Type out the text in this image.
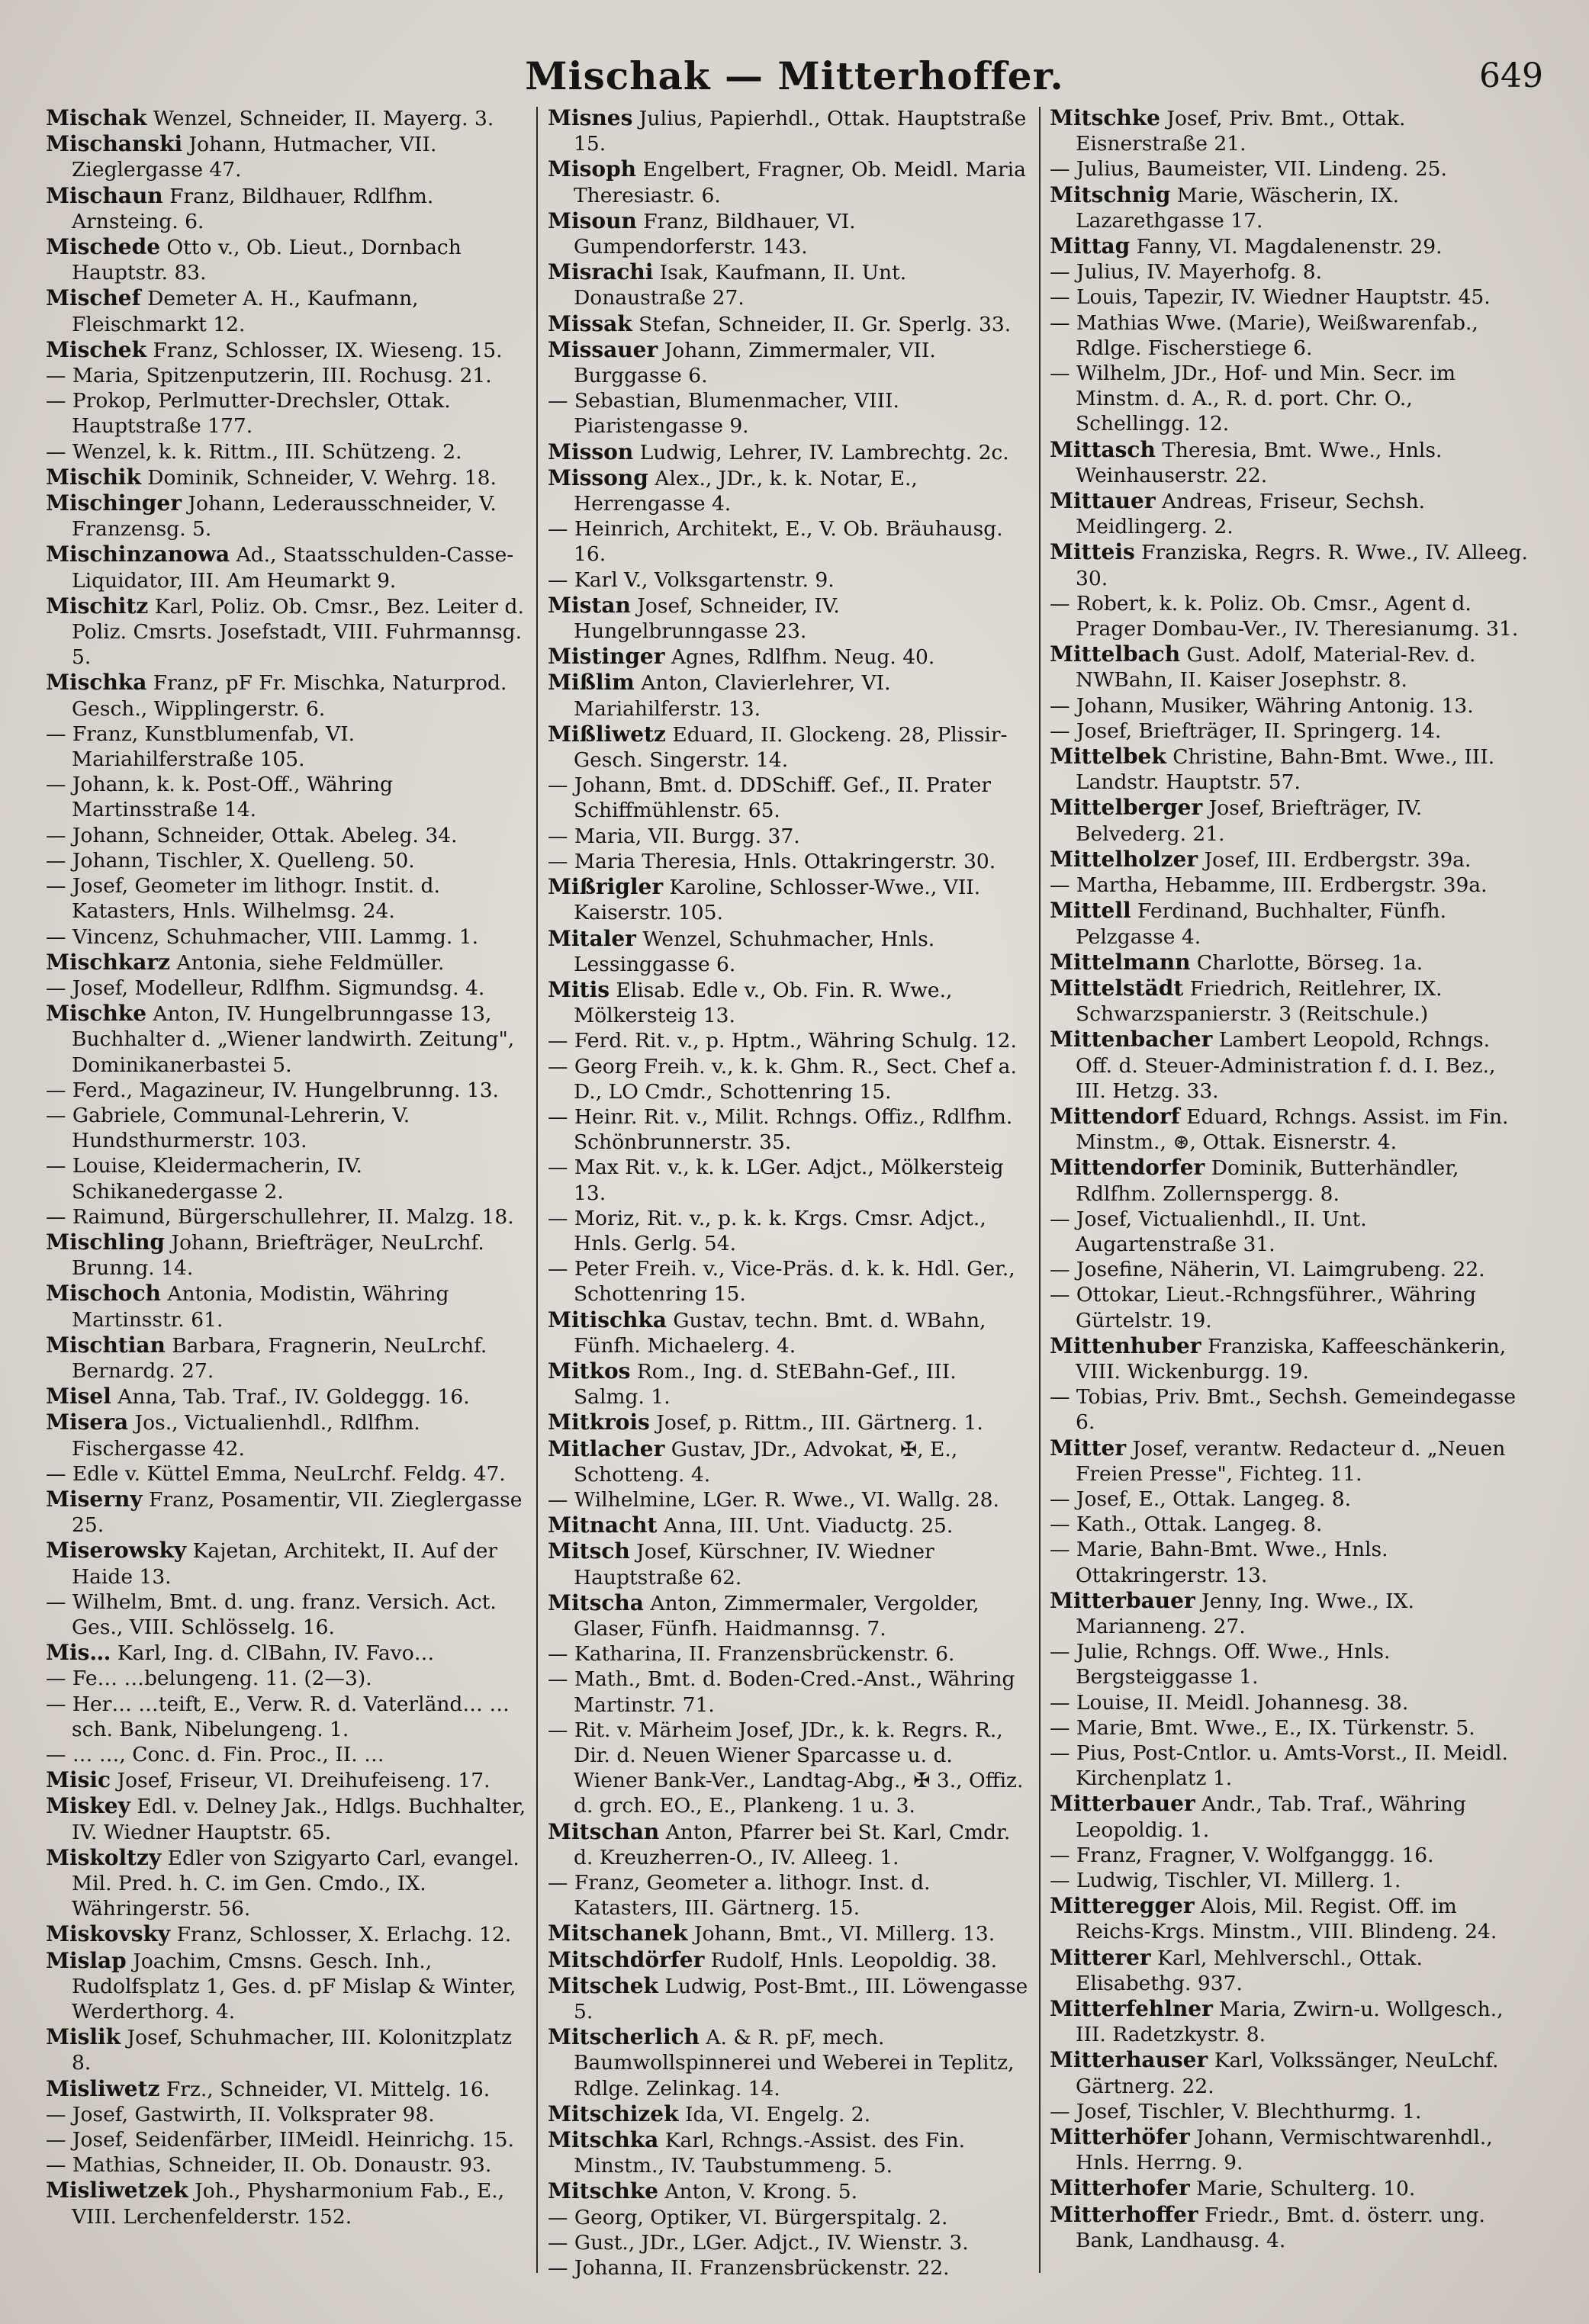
Mischak — Mitterhoffer.	649

Mischak Wenzel, Schneider, II. Mayerg. 3.

Mischanski Johann, Hutmacher, VII. Zieglergasse 47.

Mischaun Franz, Bildhauer, Rdlfhm. Arnsteing. 6.

Mischede Otto v., Ob. Lieut., Dornbach Hauptstr. 83.

Mischef Demeter A. H., Kaufmann, Fleischmarkt 12.

Mischek Franz, Schlosser, IX. Wieseng. 15.

— Maria, Spitzenputzerin, III. Rochusg. 21.

— Prokop, Perlmutter-Drechsler, Ottak. Hauptstraße 177.

— Wenzel, k. k. Rittm., III. Schützeng. 2.

Mischik Dominik, Schneider, V. Wehrg. 18.

Mischinger Johann, Lederausschneider, V. Franzensg. 5.

Mischinzanowa Ad., Staatsschulden-Casse-Liquidator, III. Am Heumarkt 9.

Mischitz Karl, Poliz. Ob. Cmsr., Bez. Leiter d. Poliz. Cmsrts. Josefstadt, VIII. Fuhrmannsg. 5.

Mischka Franz, pF Fr. Mischka, Naturprod. Gesch., Wipplingerstr. 6.

— Franz, Kunstblumenfab, VI. Mariahilferstraße 105.

— Johann, k. k. Post-Off., Währing Martinsstraße 14.

— Johann, Schneider, Ottak. Abeleg. 34.

— Johann, Tischler, X. Quelleng. 50.

— Josef, Geometer im lithogr. Instit. d. Katasters, Hnls. Wilhelmsg. 24.

— Vincenz, Schuhmacher, VIII. Lammg. 1.

Mischkarz Antonia, siehe Feldmüller.

— Josef, Modelleur, Rdlfhm. Sigmundsg. 4.

Mischke Anton, IV. Hungelbrunngasse 13, Buchhalter d. „Wiener landwirth. Zeitung", Dominikanerbastei 5.

— Ferd., Magazineur, IV. Hungelbrunng. 13.

— Gabriele, Communal-Lehrerin, V. Hundsthurmerstr. 103.

— Louise, Kleidermacherin, IV. Schikanedergasse 2.

— Raimund, Bürgerschullehrer, II. Malzg. 18.

Mischling Johann, Briefträger, NeuLrchf. Brunng. 14.

Mischoch Antonia, Modistin, Währing Martinsstr. 61.

Mischtian Barbara, Fragnerin, NeuLrchf. Bernardg. 27.

Misel Anna, Tab. Traf., IV. Goldeggg. 16.

Misera Jos., Victualienhdl., Rdlfhm. Fischergasse 42.

— Edle v. Küttel Emma, NeuLrchf. Feldg. 47.

Miserny Franz, Posamentir, VII. Zieglergasse 25.

Miserowsky Kajetan, Architekt, II. Auf der Haide 13.

— Wilhelm, Bmt. d. ung. franz. Versich. Act. Ges., VIII. Schlösselg. 16.

Mis… Karl, Ing. d. ClBahn, IV. Favo…

— Fe… …belungeng. 11. (2—3).

— Her… …teift, E., Verw. R. d. Vaterländ… …sch. Bank, Nibelungeng. 1.

— … …, Conc. d. Fin. Proc., II. …

Misic Josef, Friseur, VI. Dreihufeiseng. 17.

Miskey Edl. v. Delney Jak., Hdlgs. Buchhalter, IV. Wiedner Hauptstr. 65.

Miskoltzy Edler von Szigyarto Carl, evangel. Mil. Pred. h. C. im Gen. Cmdo., IX. Währingerstr. 56.

Miskovsky Franz, Schlosser, X. Erlachg. 12.

Mislap Joachim, Cmsns. Gesch. Inh., Rudolfsplatz 1, Ges. d. pF Mislap & Winter, Werderthorg. 4.

Mislik Josef, Schuhmacher, III. Kolonitzplatz 8.

Misliwetz Frz., Schneider, VI. Mittelg. 16.

— Josef, Gastwirth, II. Volksprater 98.

— Josef, Seidenfärber, IIMeidl. Heinrichg. 15.

— Mathias, Schneider, II. Ob. Donaustr. 93.

Misliwetzek Joh., Physharmonium Fab., E., VIII. Lerchenfelderstr. 152.

Misnes Julius, Papierhdl., Ottak. Hauptstraße 15.

Misoph Engelbert, Fragner, Ob. Meidl. Maria Theresiastr. 6.

Misoun Franz, Bildhauer, VI. Gumpendorferstr. 143.

Misrachi Isak, Kaufmann, II. Unt. Donaustraße 27.

Missak Stefan, Schneider, II. Gr. Sperlg. 33.

Missauer Johann, Zimmermaler, VII. Burggasse 6.

— Sebastian, Blumenmacher, VIII. Piaristengasse 9.

Misson Ludwig, Lehrer, IV. Lambrechtg. 2c.

Missong Alex., JDr., k. k. Notar, E., Herrengasse 4.

— Heinrich, Architekt, E., V. Ob. Bräuhausg. 16.

— Karl V., Volksgartenstr. 9.

Mistan Josef, Schneider, IV. Hungelbrunngasse 23.

Mistinger Agnes, Rdlfhm. Neug. 40.

Mißlim Anton, Clavierlehrer, VI. Mariahilferstr. 13.

Mißliwetz Eduard, II. Glockeng. 28, Plissir-Gesch. Singerstr. 14.

— Johann, Bmt. d. DDSchiff. Gef., II. Prater Schiffmühlenstr. 65.

— Maria, VII. Burgg. 37.

— Maria Theresia, Hnls. Ottakringerstr. 30.

Mißrigler Karoline, Schlosser-Wwe., VII. Kaiserstr. 105.

Mitaler Wenzel, Schuhmacher, Hnls. Lessinggasse 6.

Mitis Elisab. Edle v., Ob. Fin. R. Wwe., Mölkersteig 13.

— Ferd. Rit. v., p. Hptm., Währing Schulg. 12.

— Georg Freih. v., k. k. Ghm. R., Sect. Chef a. D., LO Cmdr., Schottenring 15.

— Heinr. Rit. v., Milit. Rchngs. Offiz., Rdlfhm. Schönbrunnerstr. 35.

— Max Rit. v., k. k. LGer. Adjct., Mölkersteig 13.

— Moriz, Rit. v., p. k. k. Krgs. Cmsr. Adjct., Hnls. Gerlg. 54.

— Peter Freih. v., Vice-Präs. d. k. k. Hdl. Ger., Schottenring 15.

Mitischka Gustav, techn. Bmt. d. WBahn, Fünfh. Michaelerg. 4.

Mitkos Rom., Ing. d. StEBahn-Gef., III. Salmg. 1.

Mitkrois Josef, p. Rittm., III. Gärtnerg. 1.

Mitlacher Gustav, JDr., Advokat, ✠, E., Schotteng. 4.

— Wilhelmine, LGer. R. Wwe., VI. Wallg. 28.

Mitnacht Anna, III. Unt. Viaductg. 25.

Mitsch Josef, Kürschner, IV. Wiedner Hauptstraße 62.

Mitscha Anton, Zimmermaler, Vergolder, Glaser, Fünfh. Haidmannsg. 7.

— Katharina, II. Franzensbrückenstr. 6.

— Math., Bmt. d. Boden-Cred.-Anst., Währing Martinstr. 71.

— Rit. v. Märheim Josef, JDr., k. k. Regrs. R., Dir. d. Neuen Wiener Sparcasse u. d. Wiener Bank-Ver., Landtag-Abg., ✠ 3., Offiz. d. grch. EO., E., Plankeng. 1 u. 3.

Mitschan Anton, Pfarrer bei St. Karl, Cmdr. d. Kreuzherren-O., IV. Alleeg. 1.

— Franz, Geometer a. lithogr. Inst. d. Katasters, III. Gärtnerg. 15.

Mitschanek Johann, Bmt., VI. Millerg. 13.

Mitschdörfer Rudolf, Hnls. Leopoldig. 38.

Mitschek Ludwig, Post-Bmt., III. Löwengasse 5.

Mitscherlich A. & R. pF, mech. Baumwollspinnerei und Weberei in Teplitz, Rdlge. Zelinkag. 14.

Mitschizek Ida, VI. Engelg. 2.

Mitschka Karl, Rchngs.-Assist. des Fin. Minstm., IV. Taubstummeng. 5.

Mitschke Anton, V. Krong. 5.

— Georg, Optiker, VI. Bürgerspitalg. 2.

— Gust., JDr., LGer. Adjct., IV. Wienstr. 3.

— Johanna, II. Franzensbrückenstr. 22.

Mitschke Josef, Priv. Bmt., Ottak. Eisnerstraße 21.

— Julius, Baumeister, VII. Lindeng. 25.

Mitschnig Marie, Wäscherin, IX. Lazarethgasse 17.

Mittag Fanny, VI. Magdalenenstr. 29.

— Julius, IV. Mayerhofg. 8.

— Louis, Tapezir, IV. Wiedner Hauptstr. 45.

— Mathias Wwe. (Marie), Weißwarenfab., Rdlge. Fischerstiege 6.

— Wilhelm, JDr., Hof- und Min. Secr. im Minstm. d. A., R. d. port. Chr. O., Schellingg. 12.

Mittasch Theresia, Bmt. Wwe., Hnls. Weinhauserstr. 22.

Mittauer Andreas, Friseur, Sechsh. Meidlingerg. 2.

Mitteis Franziska, Regrs. R. Wwe., IV. Alleeg. 30.

— Robert, k. k. Poliz. Ob. Cmsr., Agent d. Prager Dombau-Ver., IV. Theresianumg. 31.

Mittelbach Gust. Adolf, Material-Rev. d. NWBahn, II. Kaiser Josephstr. 8.

— Johann, Musiker, Währing Antonig. 13.

— Josef, Briefträger, II. Springerg. 14.

Mittelbek Christine, Bahn-Bmt. Wwe., III. Landstr. Hauptstr. 57.

Mittelberger Josef, Briefträger, IV. Belvederg. 21.

Mittelholzer Josef, III. Erdbergstr. 39a.

— Martha, Hebamme, III. Erdbergstr. 39a.

Mittell Ferdinand, Buchhalter, Fünfh. Pelzgasse 4.

Mittelmann Charlotte, Börseg. 1a.

Mittelstädt Friedrich, Reitlehrer, IX. Schwarzspanierstr. 3 (Reitschule.)

Mittenbacher Lambert Leopold, Rchngs. Off. d. Steuer-Administration f. d. I. Bez., III. Hetzg. 33.

Mittendorf Eduard, Rchngs. Assist. im Fin. Minstm., ⊛, Ottak. Eisnerstr. 4.

Mittendorfer Dominik, Butterhändler, Rdlfhm. Zollernspergg. 8.

— Josef, Victualienhdl., II. Unt. Augartenstraße 31.

— Josefine, Näherin, VI. Laimgrubeng. 22.

— Ottokar, Lieut.-Rchngsführer., Währing Gürtelstr. 19.

Mittenhuber Franziska, Kaffeeschänkerin, VIII. Wickenburgg. 19.

— Tobias, Priv. Bmt., Sechsh. Gemeindegasse 6.

Mitter Josef, verantw. Redacteur d. „Neuen Freien Presse", Fichteg. 11.

— Josef, E., Ottak. Langeg. 8.

— Kath., Ottak. Langeg. 8.

— Marie, Bahn-Bmt. Wwe., Hnls. Ottakringerstr. 13.

Mitterbauer Jenny, Ing. Wwe., IX. Marianneng. 27.

— Julie, Rchngs. Off. Wwe., Hnls. Bergsteiggasse 1.

— Louise, II. Meidl. Johannesg. 38.

— Marie, Bmt. Wwe., E., IX. Türkenstr. 5.

— Pius, Post-Cntlor. u. Amts-Vorst., II. Meidl. Kirchenplatz 1.

Mitterbauer Andr., Tab. Traf., Währing Leopoldig. 1.

— Franz, Fragner, V. Wolfganggg. 16.

— Ludwig, Tischler, VI. Millerg. 1.

Mitteregger Alois, Mil. Regist. Off. im Reichs-Krgs. Minstm., VIII. Blindeng. 24.

Mitterer Karl, Mehlverschl., Ottak. Elisabethg. 937.

Mitterfehlner Maria, Zwirn-u. Wollgesch., III. Radetzkystr. 8.

Mitterhauser Karl, Volkssänger, NeuLchf. Gärtnerg. 22.

— Josef, Tischler, V. Blechthurmg. 1.

Mitterhöfer Johann, Vermischtwarenhdl., Hnls. Herrng. 9.

Mitterhofer Marie, Schulterg. 10.

Mitterhoffer Friedr., Bmt. d. österr. ung. Bank, Landhausg. 4.
